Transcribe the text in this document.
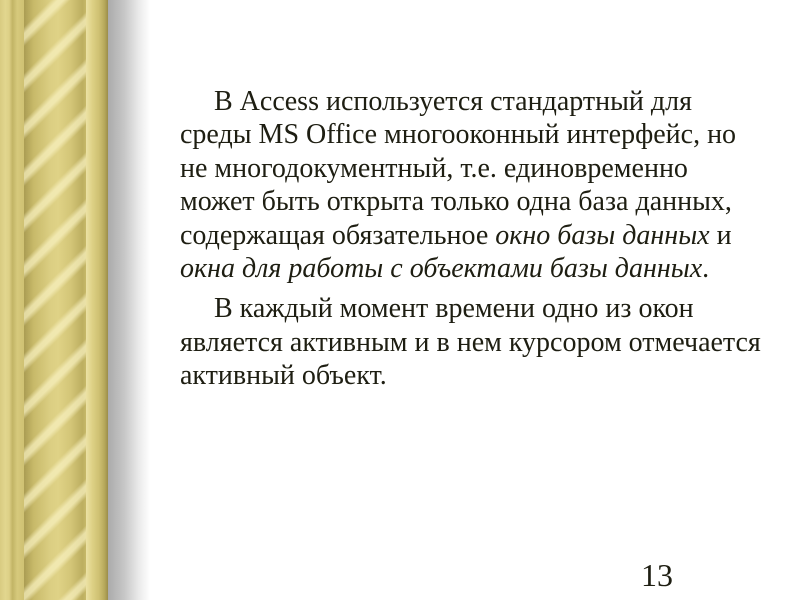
В Access используется стандартный для среды MS Office многооконный интерфейс, но не многодокументный, т.е. единовременно может быть открыта только одна база данных, содержащая обязательное окно базы данных и окна для работы с объектами базы данных.

В каждый момент времени одно из окон является активным и в нем курсором отмечается активный объект.

13
